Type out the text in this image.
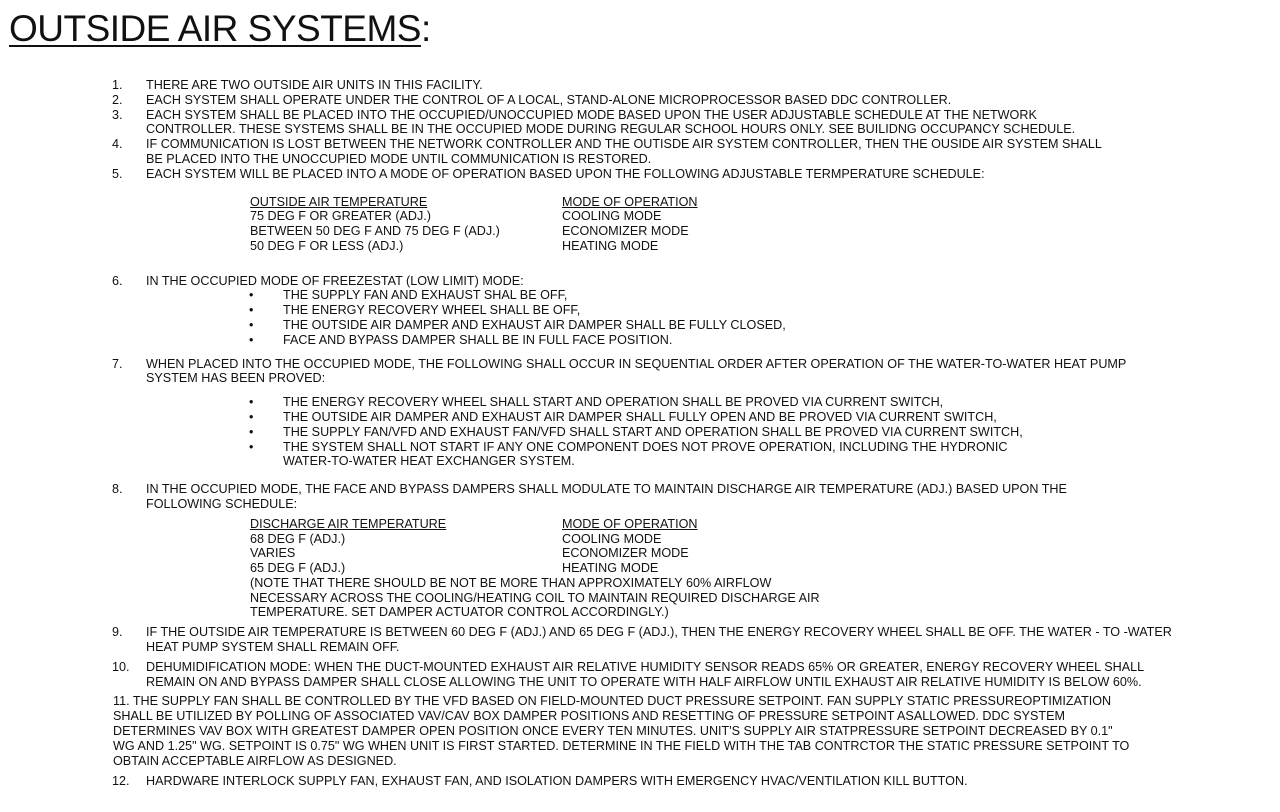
OUTSIDE AIR SYSTEMS:
1. THERE ARE TWO OUTSIDE AIR UNITS IN THIS FACILITY.
2. EACH SYSTEM SHALL OPERATE UNDER THE CONTROL OF A LOCAL, STAND-ALONE MICROPROCESSOR BASED DDC CONTROLLER.
3. EACH SYSTEM SHALL BE PLACED INTO THE OCCUPIED/UNOCCUPIED MODE BASED UPON THE USER ADJUSTABLE SCHEDULE AT THE NETWORK
CONTROLLER. THESE SYSTEMS SHALL BE IN THE OCCUPIED MODE DURING REGULAR SCHOOL HOURS ONLY. SEE BUILIDNG OCCUPANCY SCHEDULE.
4. IF COMMUNICATION IS LOST BETWEEN THE NETWORK CONTROLLER AND THE OUTISDE AIR SYSTEM CONTROLLER, THEN THE OUSIDE AIR SYSTEM SHALL
BE PLACED INTO THE UNOCCUPIED MODE UNTIL COMMUNICATION IS RESTORED.
5. EACH SYSTEM WILL BE PLACED INTO A MODE OF OPERATION BASED UPON THE FOLLOWING ADJUSTABLE TERMPERATURE SCHEDULE:
OUTSIDE AIR TEMPERATURE
75 DEG F OR GREATER (ADJ.)
BETWEEN 50 DEG F AND 75 DEG F (ADJ.)
50 DEG F OR LESS (ADJ.)
MODE OF OPERATION
COOLING MODE
ECONOMIZER MODE
HEATING MODE
6. IN THE OCCUPIED MODE OF FREEZESTAT (LOW LIMIT) MODE:
• THE SUPPLY FAN AND EXHAUST SHAL BE OFF,
• THE ENERGY RECOVERY WHEEL SHALL BE OFF,
• THE OUTSIDE AIR DAMPER AND EXHAUST AIR DAMPER SHALL BE FULLY CLOSED,
• FACE AND BYPASS DAMPER SHALL BE IN FULL FACE POSITION.
7. WHEN PLACED INTO THE OCCUPIED MODE, THE FOLLOWING SHALL OCCUR IN SEQUENTIAL ORDER AFTER OPERATION OF THE WATER-TO-WATER HEAT PUMP
SYSTEM HAS BEEN PROVED:
• THE ENERGY RECOVERY WHEEL SHALL START AND OPERATION SHALL BE PROVED VIA CURRENT SWITCH,
• THE OUTSIDE AIR DAMPER AND EXHAUST AIR DAMPER SHALL FULLY OPEN AND BE PROVED VIA CURRENT SWITCH,
• THE SUPPLY FAN/VFD AND EXHAUST FAN/VFD SHALL START AND OPERATION SHALL BE PROVED VIA CURRENT SWITCH,
• THE SYSTEM SHALL NOT START IF ANY ONE COMPONENT DOES NOT PROVE OPERATION, INCLUDING THE HYDRONIC
WATER-TO-WATER HEAT EXCHANGER SYSTEM.
8. IN THE OCCUPIED MODE, THE FACE AND BYPASS DAMPERS SHALL MODULATE TO MAINTAIN DISCHARGE AIR TEMPERATURE (ADJ.) BASED UPON THE
FOLLOWING SCHEDULE:
DISCHARGE AIR TEMPERATURE
68 DEG F (ADJ.)
VARIES
65 DEG F (ADJ.)
MODE OF OPERATION
COOLING MODE
ECONOMIZER MODE
HEATING MODE
(NOTE THAT THERE SHOULD BE NOT BE MORE THAN APPROXIMATELY 60% AIRFLOW
NECESSARY ACROSS THE COOLING/HEATING COIL TO MAINTAIN REQUIRED DISCHARGE AIR
TEMPERATURE. SET DAMPER ACTUATOR CONTROL ACCORDINGLY.)
9. IF THE OUTSIDE AIR TEMPERATURE IS BETWEEN 60 DEG F (ADJ.) AND 65 DEG F (ADJ.), THEN THE ENERGY RECOVERY WHEEL SHALL BE OFF. THE WATER - TO -WATER
HEAT PUMP SYSTEM SHALL REMAIN OFF.
10. DEHUMIDIFICATION MODE: WHEN THE DUCT-MOUNTED EXHAUST AIR RELATIVE HUMIDITY SENSOR READS 65% OR GREATER, ENERGY RECOVERY WHEEL SHALL
REMAIN ON AND BYPASS DAMPER SHALL CLOSE ALLOWING THE UNIT TO OPERATE WITH HALF AIRFLOW UNTIL EXHAUST AIR RELATIVE HUMIDITY IS BELOW 60%.
11. THE SUPPLY FAN SHALL BE CONTROLLED BY THE VFD BASED ON FIELD-MOUNTED DUCT PRESSURE SETPOINT. FAN SUPPLY STATIC PRESSUREOPTIMIZATION
SHALL BE UTILIZED BY POLLING OF ASSOCIATED VAV/CAV BOX DAMPER POSITIONS AND RESETTING OF PRESSURE SETPOINT ASALLOWED. DDC SYSTEM
DETERMINES VAV BOX WITH GREATEST DAMPER OPEN POSITION ONCE EVERY TEN MINUTES. UNIT'S SUPPLY AIR STATPRESSURE SETPOINT DECREASED BY 0.1"
WG AND 1.25" WG. SETPOINT IS 0.75" WG WHEN UNIT IS FIRST STARTED. DETERMINE IN THE FIELD WITH THE TAB CONTRCTOR THE STATIC PRESSURE SETPOINT TO
OBTAIN ACCEPTABLE AIRFLOW AS DESIGNED.
12. HARDWARE INTERLOCK SUPPLY FAN, EXHAUST FAN, AND ISOLATION DAMPERS WITH EMERGENCY HVAC/VENTILATION KILL BUTTON.
